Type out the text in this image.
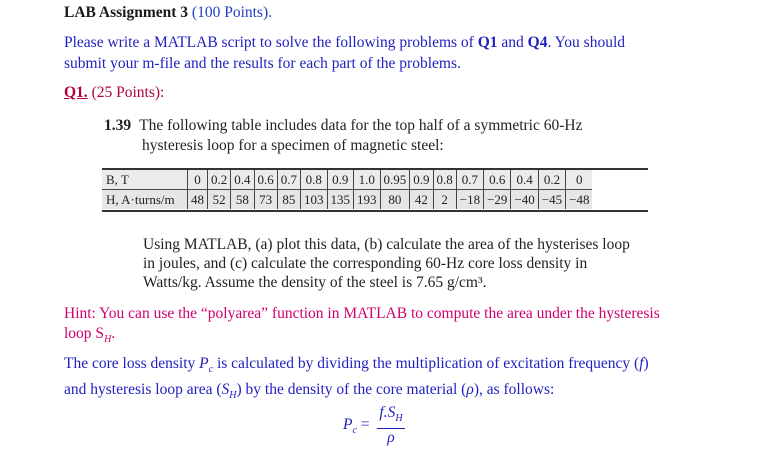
LAB Assignment 3 (100 Points).
Please write a MATLAB script to solve the following problems of Q1 and Q4. You should
submit your m-file and the results for each part of the problems.
Q1. (25 Points):
1.39 The following table includes data for the top half of a symmetric 60-Hz
hysteresis loop for a specimen of magnetic steel:
B, T	0	0.2	0.4	0.6	0.7	0.8	0.9	1.0	0.95	0.9	0.8	0.7	0.6	0.4	0.2	0
H, A·turns/m	48	52	58	73	85	103	135	193	80	42	2	−18	−29	−40	−45	−48
Using MATLAB, (a) plot this data, (b) calculate the area of the hysterises loop
in joules, and (c) calculate the corresponding 60-Hz core loss density in
Watts/kg. Assume the density of the steel is 7.65 g/cm³.
Hint: You can use the “polyarea” function in MATLAB to compute the area under the hysteresis
loop $S_H$.
The core loss density $P_c$ is calculated by dividing the multiplication of excitation frequency (f)
and hysteresis loop area $(S_H)$ by the density of the core material (ρ), as follows:
$P_c = \frac{f.S_H}{\rho}$
